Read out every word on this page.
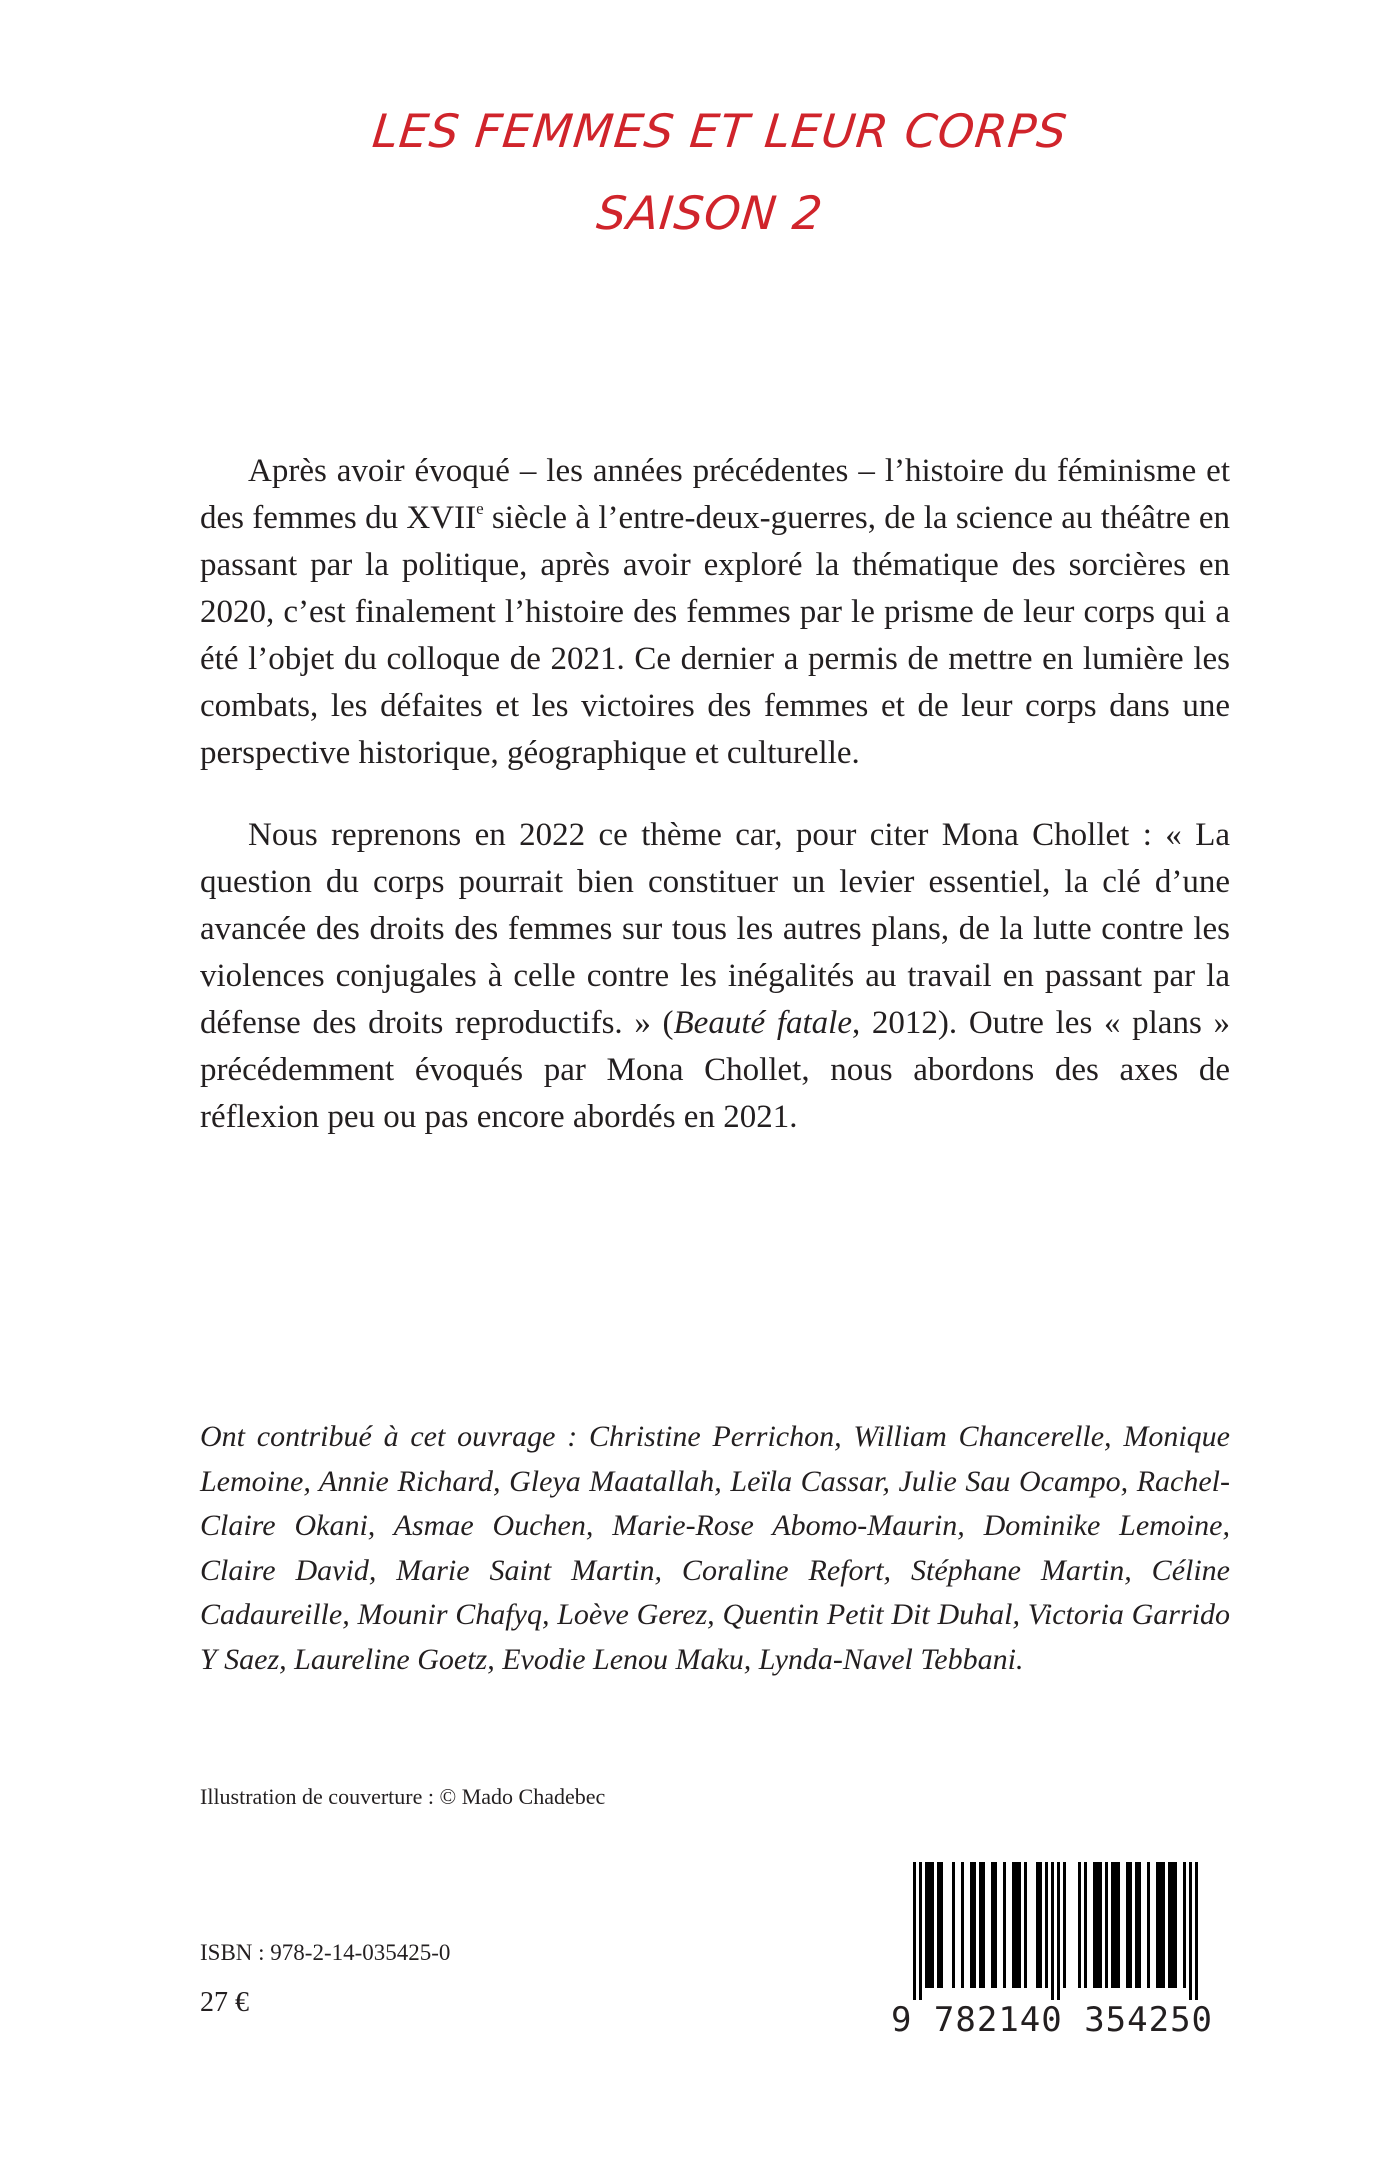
LES FEMMES ET LEUR CORPS
SAISON 2

Après avoir évoqué – les années précédentes – l’histoire du féminisme et des femmes du XVIIe siècle à l’entre-deux-guerres, de la science au théâtre en passant par la politique, après avoir exploré la thématique des sorcières en 2020, c’est finalement l’histoire des femmes par le prisme de leur corps qui a été l’objet du colloque de 2021. Ce dernier a permis de mettre en lumière les combats, les défaites et les victoires des femmes et de leur corps dans une perspective historique, géographique et culturelle.

Nous reprenons en 2022 ce thème car, pour citer Mona Chollet : « La question du corps pourrait bien constituer un levier essentiel, la clé d’une avancée des droits des femmes sur tous les autres plans, de la lutte contre les violences conjugales à celle contre les inégalités au travail en passant par la défense des droits reproductifs. » (Beauté fatale, 2012). Outre les « plans » précédemment évoqués par Mona Chollet, nous abordons des axes de réflexion peu ou pas encore abordés en 2021.

Ont contribué à cet ouvrage : Christine Perrichon, William Chancerelle, Monique Lemoine, Annie Richard, Gleya Maatallah, Leïla Cassar, Julie Sau Ocampo, Rachel-Claire Okani, Asmae Ouchen, Marie-Rose Abomo-Maurin, Dominike Lemoine, Claire David, Marie Saint Martin, Coraline Refort, Stéphane Martin, Céline Cadaureille, Mounir Chafyq, Loève Gerez, Quentin Petit Dit Duhal, Victoria Garrido Y Saez, Laureline Goetz, Evodie Lenou Maku, Lynda-Navel Tebbani.

Illustration de couverture : © Mado Chadebec

ISBN : 978-2-14-035425-0

27 €	9 782140 354250
